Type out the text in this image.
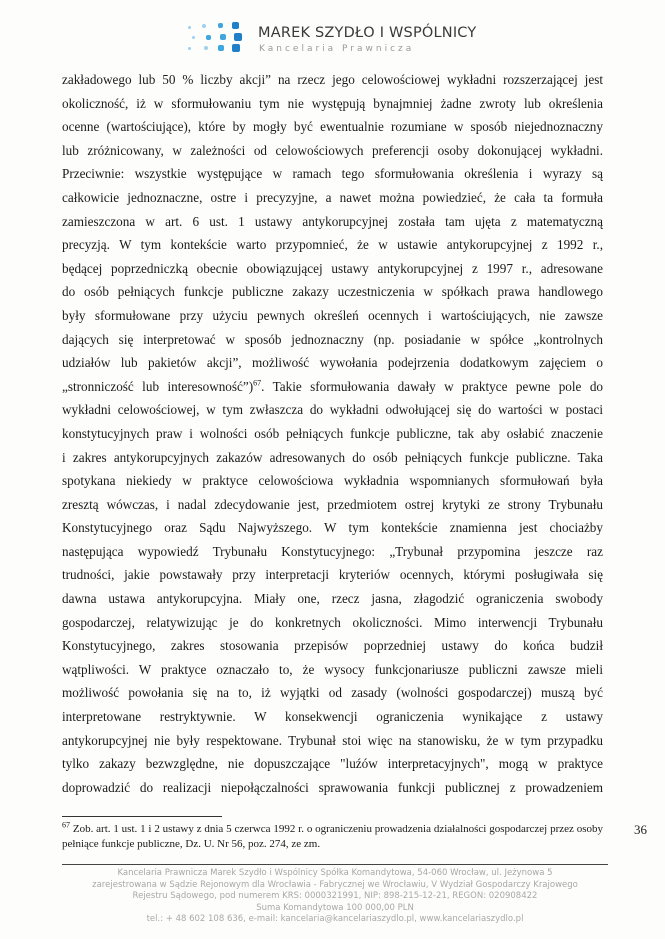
MAREK SZYDŁO I WSPÓLNICY
Kancelaria Prawnicza
zakładowego lub 50 % liczby akcji” na rzecz jego celowościowej wykładni rozszerzającej jest
okoliczność, iż w sformułowaniu tym nie występują bynajmniej żadne zwroty lub określenia
ocenne (wartościujące), które by mogły być ewentualnie rozumiane w sposób niejednoznaczny
lub zróżnicowany, w zależności od celowościowych preferencji osoby dokonującej wykładni.
Przeciwnie: wszystkie występujące w ramach tego sformułowania określenia i wyrazy są
całkowicie jednoznaczne, ostre i precyzyjne, a nawet można powiedzieć, że cała ta formuła
zamieszczona w art. 6 ust. 1 ustawy antykorupcyjnej została tam ujęta z matematyczną
precyzją. W tym kontekście warto przypomnieć, że w ustawie antykorupcyjnej z 1992 r.,
będącej poprzedniczką obecnie obowiązującej ustawy antykorupcyjnej z 1997 r., adresowane
do osób pełniących funkcje publiczne zakazy uczestniczenia w spółkach prawa handlowego
były sformułowane przy użyciu pewnych określeń ocennych i wartościujących, nie zawsze
dających się interpretować w sposób jednoznaczny (np. posiadanie w spółce „kontrolnych
udziałów lub pakietów akcji”, możliwość wywołania podejrzenia dodatkowym zajęciem o
„stronniczość lub interesowność”)$^{67}$. Takie sformułowania dawały w praktyce pewne pole do
wykładni celowościowej, w tym zwłaszcza do wykładni odwołującej się do wartości w postaci
konstytucyjnych praw i wolności osób pełniących funkcje publiczne, tak aby osłabić znaczenie
i zakres antykorupcyjnych zakazów adresowanych do osób pełniących funkcje publiczne. Taka
spotykana niekiedy w praktyce celowościowa wykładnia wspomnianych sformułowań była
zresztą wówczas, i nadal zdecydowanie jest, przedmiotem ostrej krytyki ze strony Trybunału
Konstytucyjnego oraz Sądu Najwyższego. W tym kontekście znamienna jest chociażby
następująca wypowiedź Trybunału Konstytucyjnego: „Trybunał przypomina jeszcze raz
trudności, jakie powstawały przy interpretacji kryteriów ocennych, którymi posługiwała się
dawna ustawa antykorupcyjna. Miały one, rzecz jasna, złagodzić ograniczenia swobody
gospodarczej, relatywizując je do konkretnych okoliczności. Mimo interwencji Trybunału
Konstytucyjnego, zakres stosowania przepisów poprzedniej ustawy do końca budził
wątpliwości. W praktyce oznaczało to, że wysocy funkcjonariusze publiczni zawsze mieli
możliwość powołania się na to, iż wyjątki od zasady (wolności gospodarczej) muszą być
interpretowane restryktywnie. W konsekwencji ograniczenia wynikające z ustawy
antykorupcyjnej nie były respektowane. Trybunał stoi więc na stanowisku, że w tym przypadku
tylko zakazy bezwzględne, nie dopuszczające "luźów interpretacyjnych", mogą w praktyce
doprowadzić do realizacji niepołączalności sprawowania funkcji publicznej z prowadzeniem
$^{67}$ Zob. art. 1 ust. 1 i 2 ustawy z dnia 5 czerwca 1992 r. o ograniczeniu prowadzenia działalności gospodarczej przez osoby pełniące funkcje publiczne, Dz. U. Nr 56, poz. 274, ze zm.
36
Kancelaria Prawnicza Marek Szydło i Wspólnicy Spółka Komandytowa, 54-060 Wrocław, ul. Jeżynowa 5
zarejestrowana w Sądzie Rejonowym dla Wrocławia - Fabrycznej we Wrocławiu, V Wydział Gospodarczy Krajowego
Rejestru Sądowego, pod numerem KRS: 0000321991, NIP: 898-215-12-21, REGON: 020908422
Suma Komandytowa 100 000,00 PLN
tel.: + 48 602 108 636, e-mail: kancelaria@kancelariaszydlo.pl, www.kancelariaszydlo.pl
